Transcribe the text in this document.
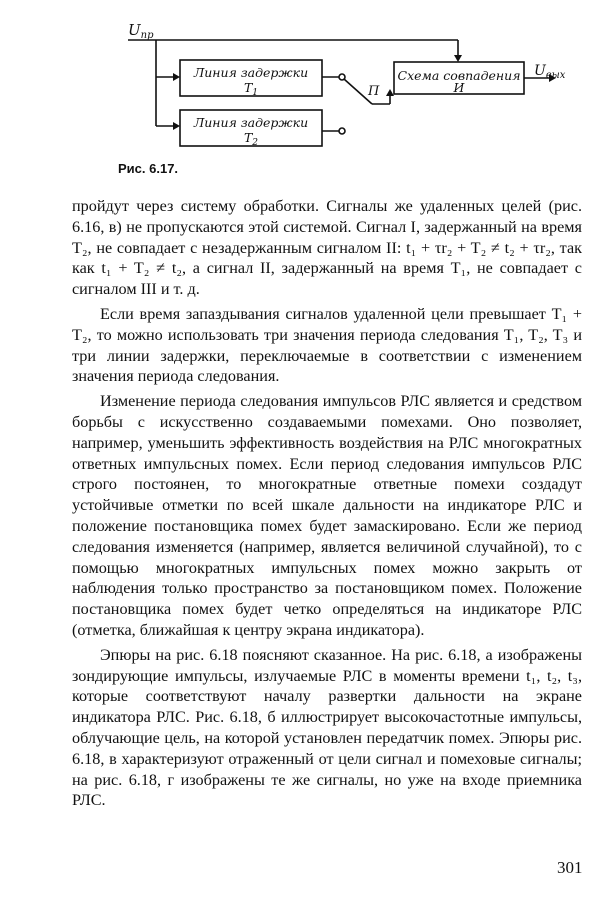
$U_{пр}$
Линия задержки
$T_1$
Линия задержки
$T_2$
П
Схема совпадения
И
$U_{вых}$
Рис. 6.17.

пройдут через систему обработки. Сигналы же удаленных целей (рис. 6.16, в) не пропускаются этой системой. Сигнал I, задержанный на время T₂, не совпадает с незадержанным сигналом II: t₁ + τr₂ + T₂ ≠ t₂ + τr₂, так как t₁ + T₂ ≠ t₂, а сигнал II, задержанный на время T₁, не совпадает с сигналом III и т. д.

Если время запаздывания сигналов удаленной цели превышает T₁ + T₂, то можно использовать три значения периода следования T₁, T₂, T₃ и три линии задержки, переключаемые в соответствии с изменением значения периода следования.

Изменение периода следования импульсов РЛС является и средством борьбы с искусственно создаваемыми помехами. Оно позволяет, например, уменьшить эффективность воздействия на РЛС многократных ответных импульсных помех. Если период следования импульсов РЛС строго постоянен, то многократные ответные помехи создадут устойчивые отметки по всей шкале дальности на индикаторе РЛС и положение постановщика помех будет замаскировано. Если же период следования изменяется (например, является величиной случайной), то с помощью многократных импульсных помех можно закрыть от наблюдения только пространство за постановщиком помех. Положение постановщика помех будет четко определяться на индикаторе РЛС (отметка, ближайшая к центру экрана индикатора).

Эпюры на рис. 6.18 поясняют сказанное. На рис. 6.18, а изображены зондирующие импульсы, излучаемые РЛС в моменты времени t₁, t₂, t₃, которые соответствуют началу развертки дальности на экране индикатора РЛС. Рис. 6.18, б иллюстрирует высокочастотные импульсы, облучающие цель, на которой установлен передатчик помех. Эпюры рис. 6.18, в характеризуют отраженный от цели сигнал и помеховые сигналы; на рис. 6.18, г изображены те же сигналы, но уже на входе приемника РЛС.

301
